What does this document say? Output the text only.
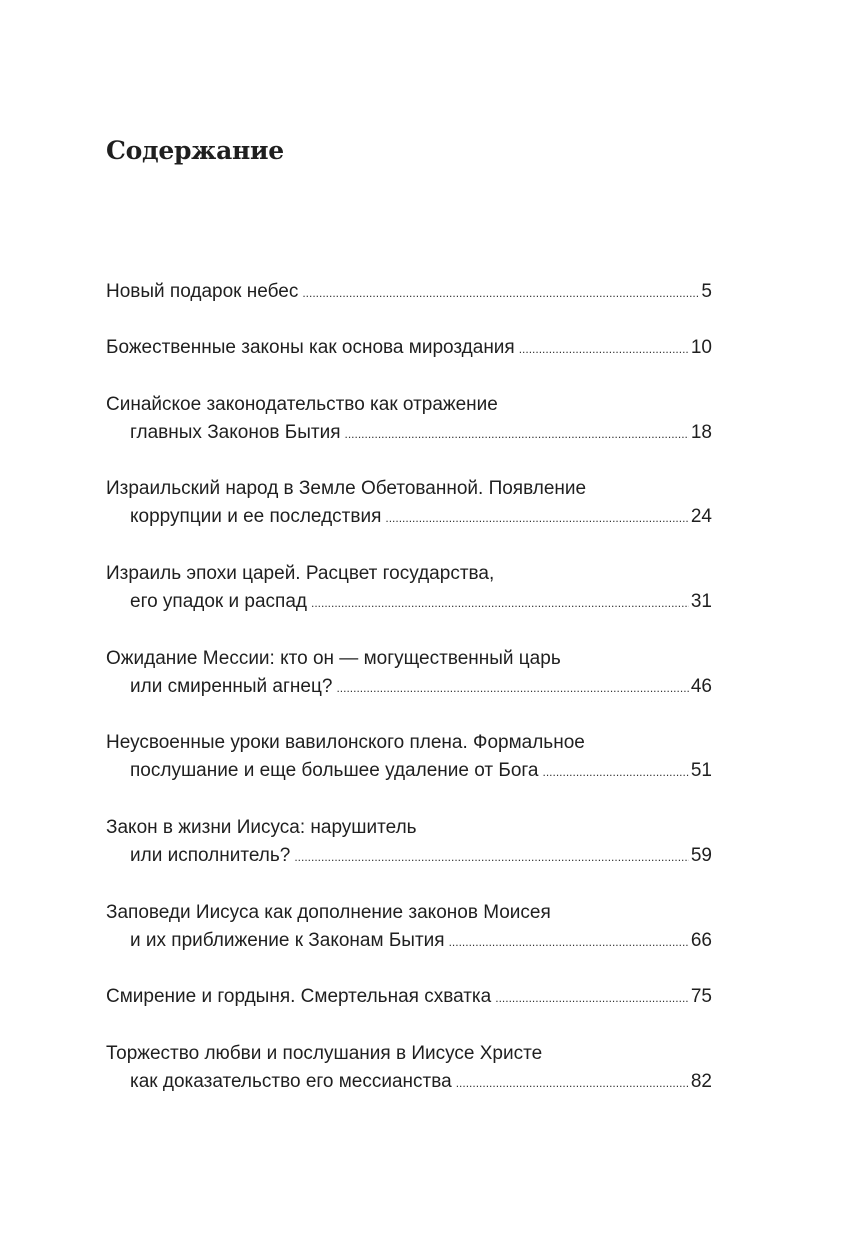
Содержание
Новый подарок небес .....	5
Божественные законы как основа мироздания .....	10
Синайское законодательство как отражение
главных Законов Бытия .....	18
Израильский народ в Земле Обетованной. Появление
коррупции и ее последствия .....	24
Израиль эпохи царей. Расцвет государства,
его упадок и распад .....	31
Ожидание Мессии: кто он — могущественный царь
или смиренный агнец? .....	46
Неусвоенные уроки вавилонского плена. Формальное
послушание и еще большее удаление от Бога .....	51
Закон в жизни Иисуса: нарушитель
или исполнитель? .....	59
Заповеди Иисуса как дополнение законов Моисея
и их приближение к Законам Бытия .....	66
Смирение и гордыня. Смертельная схватка .....	75
Торжество любви и послушания в Иисусе Христе
как доказательство его мессианства .....	82
